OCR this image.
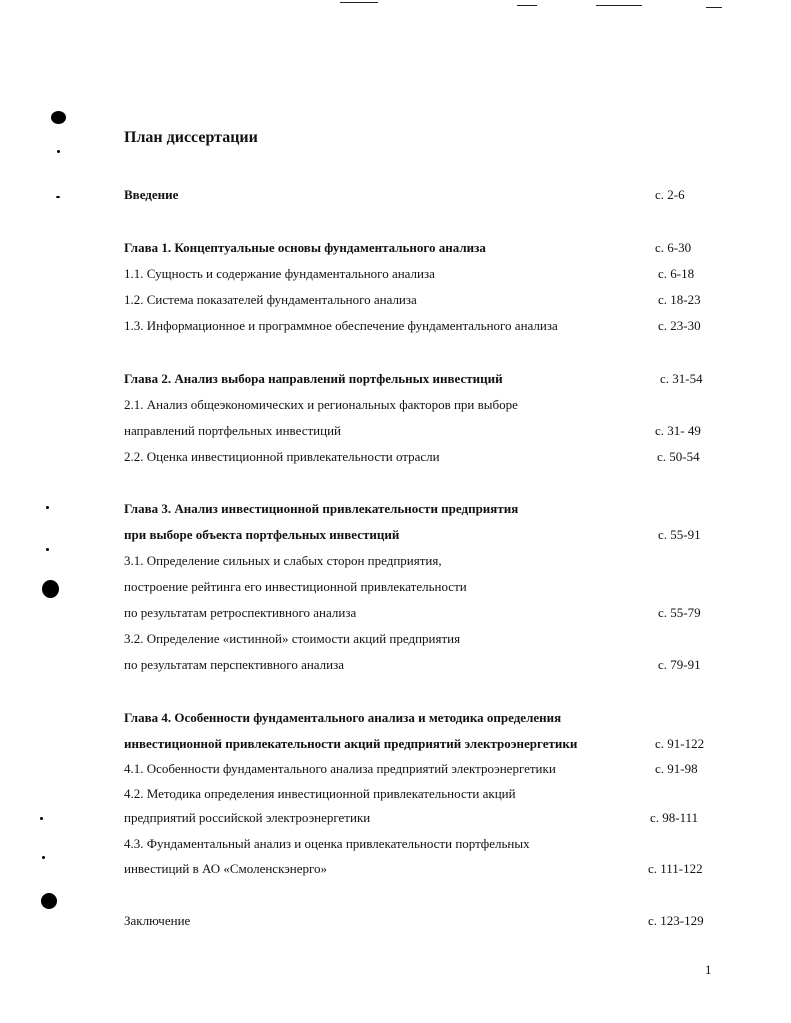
План диссертации
Введение	с. 2-6
Глава 1. Концептуальные основы фундаментального анализа	с. 6-30
1.1. Сущность и содержание фундаментального анализа	с. 6-18
1.2. Система показателей фундаментального анализа	с. 18-23
1.3. Информационное и программное обеспечение фундаментального анализа	с. 23-30
Глава 2. Анализ выбора направлений портфельных инвестиций	с. 31-54
2.1. Анализ общеэкономических и региональных факторов при выборе
направлений портфельных инвестиций	с. 31- 49
2.2. Оценка инвестиционной привлекательности отрасли	с. 50-54
Глава 3. Анализ инвестиционной привлекательности предприятия
при выборе объекта портфельных инвестиций	с. 55-91
3.1. Определение сильных и слабых сторон предприятия,
построение рейтинга его инвестиционной привлекательности
по результатам ретроспективного анализа	с. 55-79
3.2. Определение «истинной» стоимости акций предприятия
по результатам перспективного анализа	с. 79-91
Глава 4. Особенности фундаментального анализа и методика определения
инвестиционной привлекательности акций предприятий электроэнергетики	с. 91-122
4.1. Особенности фундаментального анализа предприятий электроэнергетики	с. 91-98
4.2. Методика определения инвестиционной привлекательности акций
предприятий российской электроэнергетики	с. 98-111
4.3. Фундаментальный анализ и оценка привлекательности портфельных
инвестиций в АО «Смоленскэнерго»	с. 111-122
Заключение	с. 123-129
1
